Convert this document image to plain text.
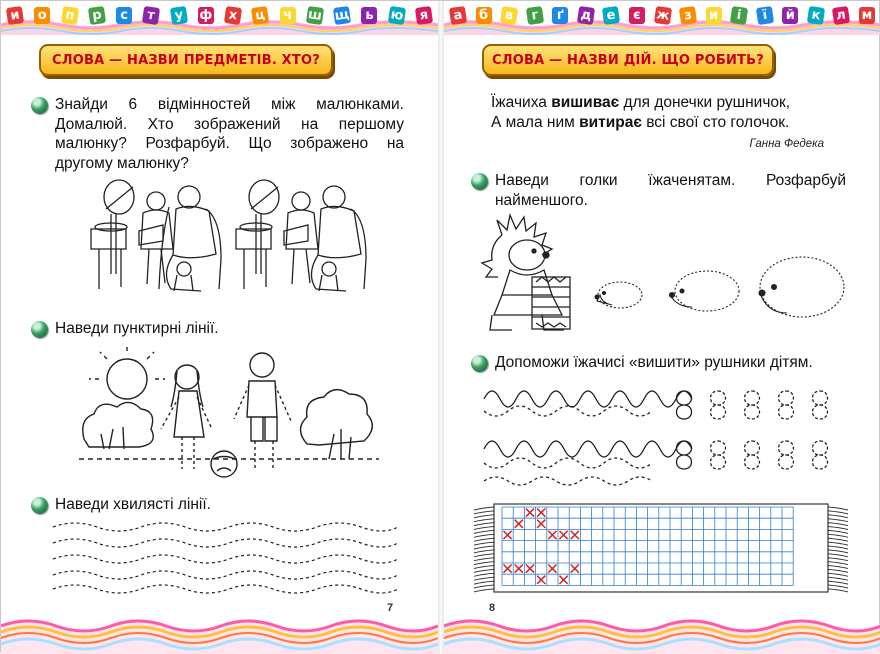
и о п р	с	т	у ф х	ц ч ш щ ь ю	я
СЛОВА — НАЗВИ ПРЕДМЕТІВ. ХТО?
Знайди 6 відмінностей між малюнками. Домалюй. Хто зображений на першому малюнку? Розфарбуй. Що зображено на другому малюнку?
Наведи пунктирні лінії.
Наведи хвилясті лінії.
7
а б	в	г	ґ	д е	є	ж	з	и	і	ї	й к л м
СЛОВА — НАЗВИ ДІЙ. ЩО РОБИТЬ?
Їжачиха вишиває для донечки рушничок,
А мала ним витирає всі свої сто голочок.
Ганна Федека
Наведи голки їжаченятам. Розфарбуй найменшого.
Допоможи їжачисі «вишити» рушники дітям.
8
